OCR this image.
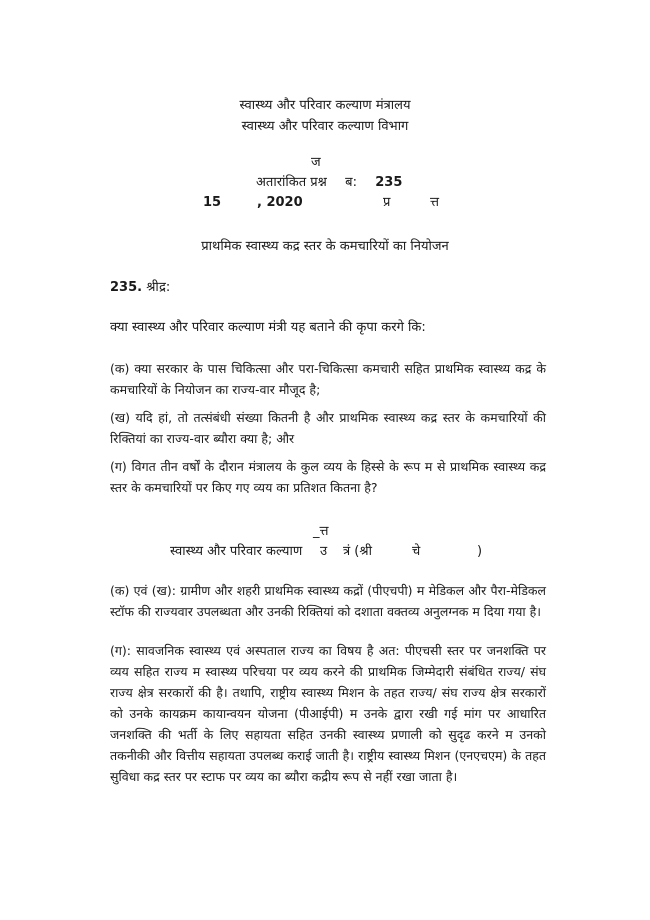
स्वास्थ्य और परिवार कल्याण मंत्रालय
स्वास्थ्य और परिवार कल्याण विभाग
ज
अतारांकित प्रश्न ब: 235
15	, 2020	प्र	त्त
प्राथमिक स्वास्थ्य कद्र स्तर के कमचारियों का नियोजन
235. श्री द्र:
क्या स्वास्थ्य और परिवार कल्याण मंत्री यह बताने की कृपा करगे कि:
(क) क्या सरकार के पास चिकित्सा और परा-चिकित्सा कमचारी सहित प्राथमिक स्वास्थ्य कद्र के कमचारियों के नियोजन का राज्य-वार मौजूद है;
(ख) यदि हां, तो तत्संबंधी संख्या कितनी है और प्राथमिक स्वास्थ्य कद्र स्तर के कमचारियों की रिक्तियां का राज्य-वार ब्यौरा क्या है; और
(ग) विगत तीन वर्षों के दौरान मंत्रालय के कुल व्यय के हिस्से के रूप म से प्राथमिक स्वास्थ्य कद्र स्तर के कमचारियों पर किए गए व्यय का प्रतिशत कितना है?
_त्त
स्वास्थ्य और परिवार कल्याण उ त्रं (श्री	चे	)
(क) एवं (ख): ग्रामीण और शहरी प्राथमिक स्वास्थ्य कद्रों (पीएचपी) म मेडिकल और पैरा-मेडिकल स्टॉफ की राज्यवार उपलब्धता और उनकी रिक्तियां को दशाता वक्तव्य अनुलग्नक म दिया गया है।
(ग): सावजनिक स्वास्थ्य एवं अस्पताल राज्य का विषय है अत: पीएचसी स्तर पर जनशक्ति पर व्यय सहित राज्य म स्वास्थ्य परिचया पर व्यय करने की प्राथमिक जिम्मेदारी संबंधित राज्य/ संघ राज्य क्षेत्र सरकारों की है। तथापि, राष्ट्रीय स्वास्थ्य मिशन के तहत राज्य/ संघ राज्य क्षेत्र सरकारों को उनके कायक्रम कायान्वयन योजना (पीआईपी) म उनके द्वारा रखी गई मांग पर आधारित जनशक्ति की भर्ती के लिए सहायता सहित उनकी स्वास्थ्य प्रणाली को सुदृढ करने म उनको तकनीकी और वित्तीय सहायता उपलब्ध कराई जाती है। राष्ट्रीय स्वास्थ्य मिशन (एनएचएम) के तहत सुविधा कद्र स्तर पर स्टाफ पर व्यय का ब्यौरा कद्रीय रूप से नहीं रखा जाता है।
